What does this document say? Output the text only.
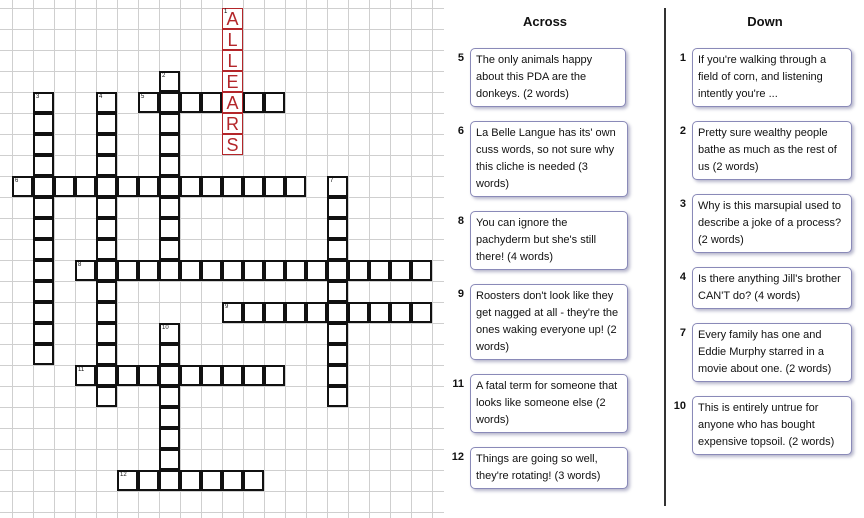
5
6
8
9
11
12
2
3	4
7
10
A
L
L
E
A
R
S
1
Across	Down
5	The only animals happy about this PDA are the donkeys. (2 words)
6	La Belle Langue has its' own cuss words, so not sure why this cliche is needed (3 words)
8	You can ignore the pachyderm but she's still there! (4 words)
9	Roosters don't look like they get nagged at all - they're the ones waking everyone up! (2 words)
11	A fatal term for someone that looks like someone else (2 words)
12	Things are going so well, they're rotating! (3 words)
1	If you're walking through a field of corn, and listening intently you're ...
2	Pretty sure wealthy people bathe as much as the rest of us (2 words)
3	Why is this marsupial used to describe a joke of a process? (2 words)
4	Is there anything Jill's brother CAN'T do? (4 words)
7	Every family has one and Eddie Murphy starred in a movie about one. (2 words)
10	This is entirely untrue for anyone who has bought expensive topsoil. (2 words)
